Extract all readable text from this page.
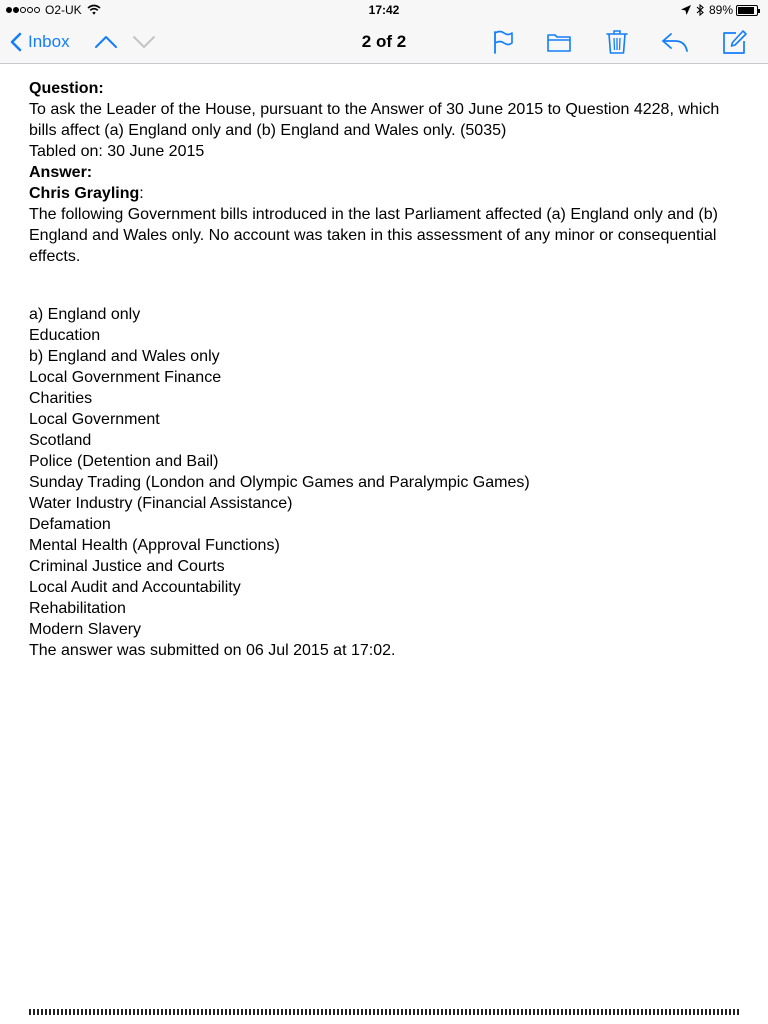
O2-UK	17:42	89%
Inbox	2 of 2

Question:

To ask the Leader of the House, pursuant to the Answer of 30 June 2015 to Question 4228, which bills affect (a) England only and (b) England and Wales only. (5035)

Tabled on: 30 June 2015

Answer:

Chris Grayling:

The following Government bills introduced in the last Parliament affected (a) England only and (b) England and Wales only. No account was taken in this assessment of any minor or consequential effects.

a) England only

Education

b) England and Wales only

Local Government Finance

Charities

Local Government

Scotland

Police (Detention and Bail)

Sunday Trading (London and Olympic Games and Paralympic Games)

Water Industry (Financial Assistance)

Defamation

Mental Health (Approval Functions)

Criminal Justice and Courts

Local Audit and Accountability

Rehabilitation

Modern Slavery

The answer was submitted on 06 Jul 2015 at 17:02.
